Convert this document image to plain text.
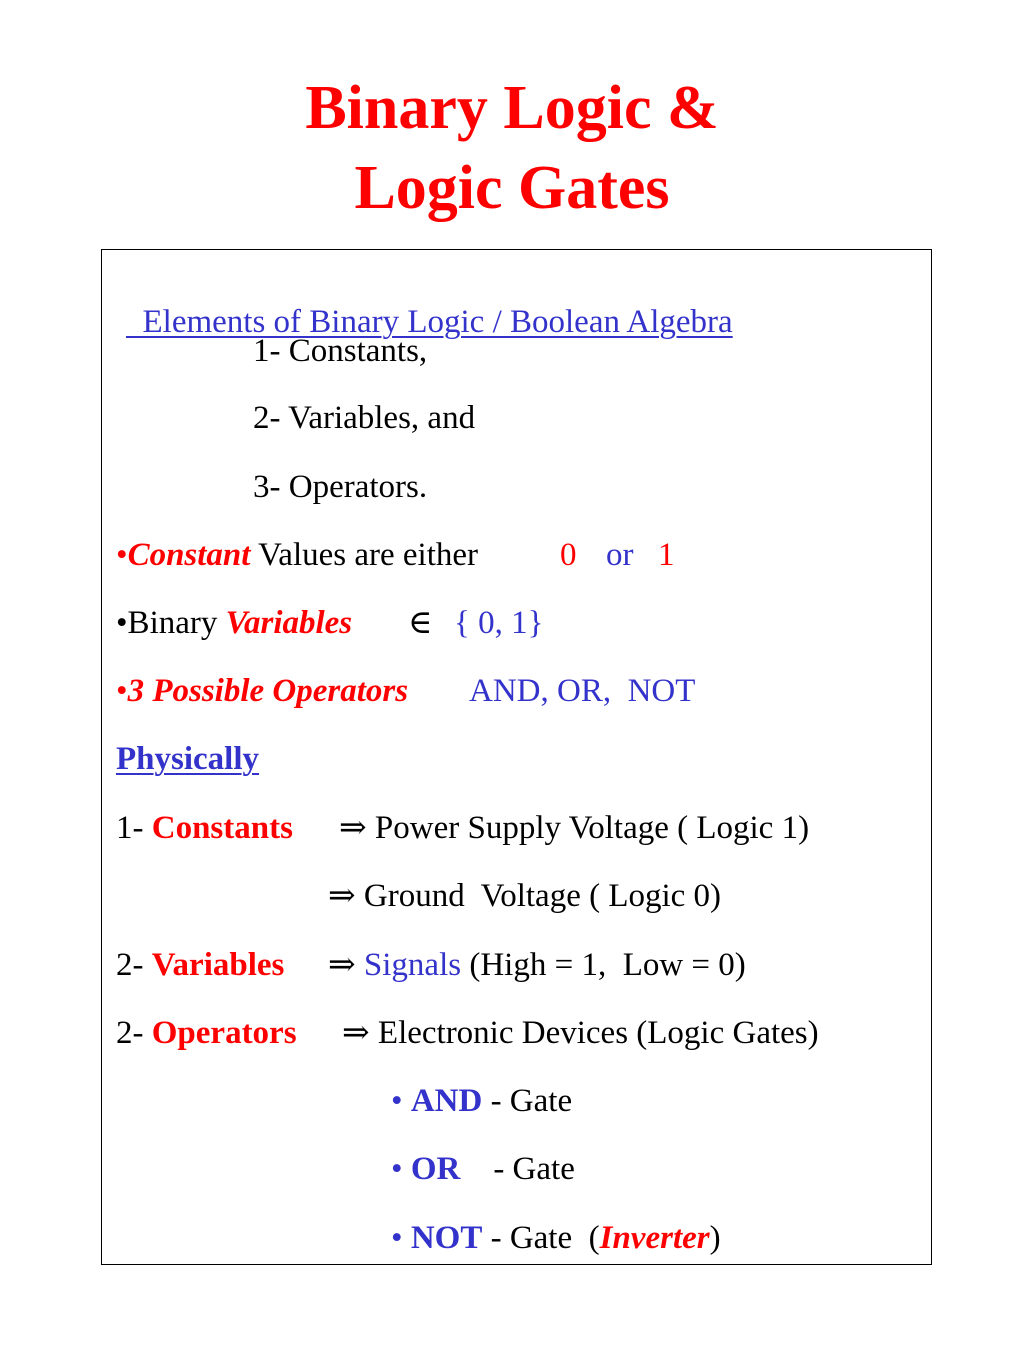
Binary Logic &
Logic Gates

Elements of Binary Logic / Boolean Algebra

1- Constants,
2- Variables, and
3- Operators.
•Constant Values are either 0 or 1
•Binary Variables ∈ { 0, 1}
•3 Possible Operators AND, OR,  NOT
Physically
1- Constants ⇒ Power Supply Voltage ( Logic 1)
⇒ Ground  Voltage ( Logic 0)
2- Variables ⇒ Signals (High = 1,  Low = 0)
2- Operators ⇒ Electronic Devices (Logic Gates)
• AND - Gate
• OR    - Gate
• NOT - Gate  (Inverter)
